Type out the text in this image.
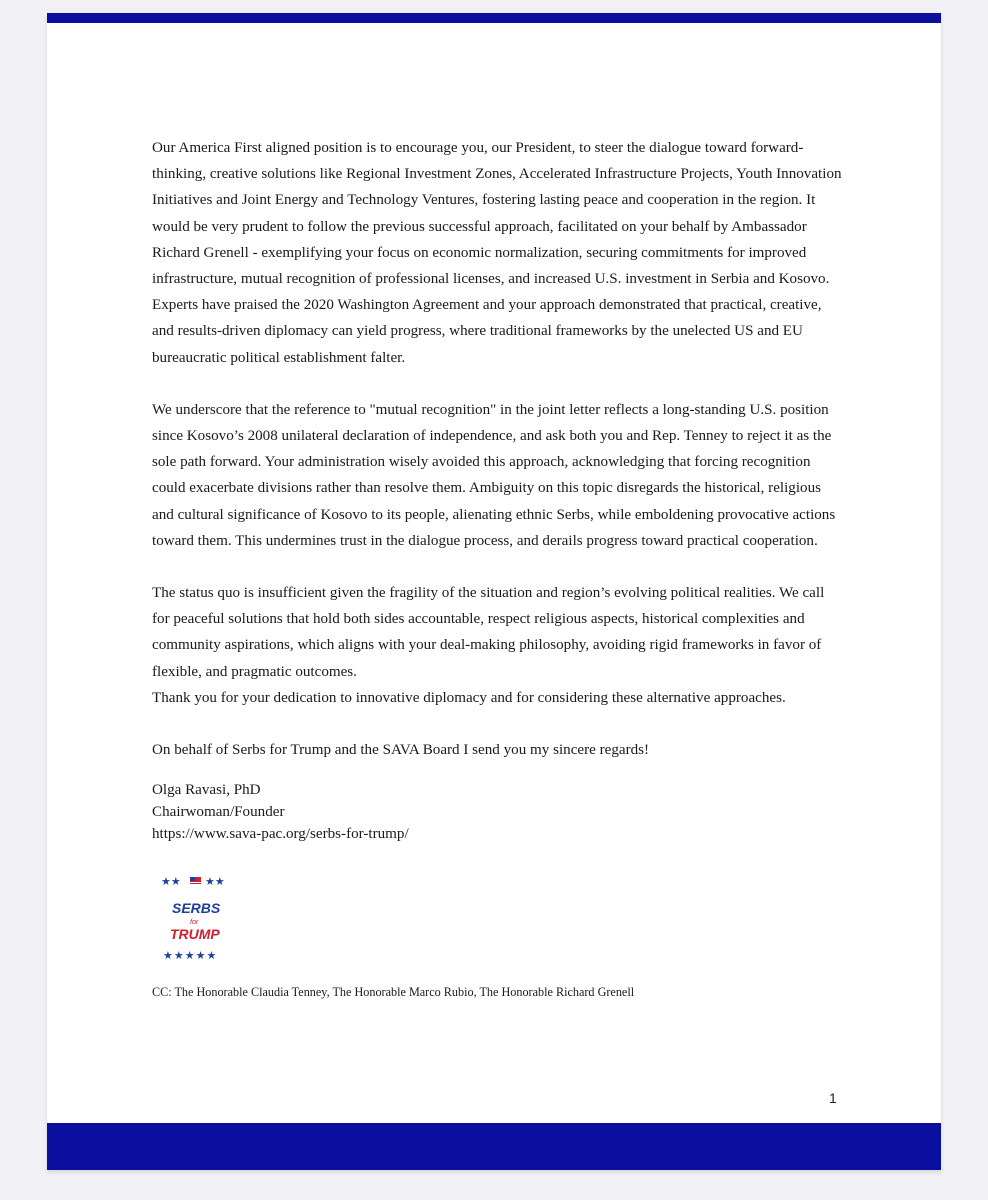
Our America First aligned position is to encourage you, our President, to steer the dialogue toward forward-thinking, creative solutions like Regional Investment Zones, Accelerated Infrastructure Projects, Youth Innovation Initiatives and Joint Energy and Technology Ventures, fostering lasting peace and cooperation in the region. It would be very prudent to follow the previous successful approach, facilitated on your behalf by Ambassador Richard Grenell - exemplifying your focus on economic normalization, securing commitments for improved infrastructure, mutual recognition of professional licenses, and increased U.S. investment in Serbia and Kosovo. Experts have praised the 2020 Washington Agreement and your approach demonstrated that practical, creative, and results-driven diplomacy can yield progress, where traditional frameworks by the unelected US and EU bureaucratic political establishment falter.

We underscore that the reference to "mutual recognition" in the joint letter reflects a long-standing U.S. position since Kosovo’s 2008 unilateral declaration of independence, and ask both you and Rep. Tenney to reject it as the sole path forward. Your administration wisely avoided this approach, acknowledging that forcing recognition could exacerbate divisions rather than resolve them. Ambiguity on this topic disregards the historical, religious and cultural significance of Kosovo to its people, alienating ethnic Serbs, while emboldening provocative actions toward them. This undermines trust in the dialogue process, and derails progress toward practical cooperation.

The status quo is insufficient given the fragility of the situation and region’s evolving political realities. We call for peaceful solutions that hold both sides accountable, respect religious aspects, historical complexities and community aspirations, which aligns with your deal-making philosophy, avoiding rigid frameworks in favor of flexible, and pragmatic outcomes.

Thank you for your dedication to innovative diplomacy and for considering these alternative approaches.

On behalf of Serbs for Trump and the SAVA Board I send you my sincere regards!

Olga Ravasi, PhD
Chairwoman/Founder
https://www.sava-pac.org/serbs-for-trump/
★★ ★★
SERBS
for
TRUMP
★★★★★
CC: The Honorable Claudia Tenney, The Honorable Marco Rubio, The Honorable Richard Grenell
1
